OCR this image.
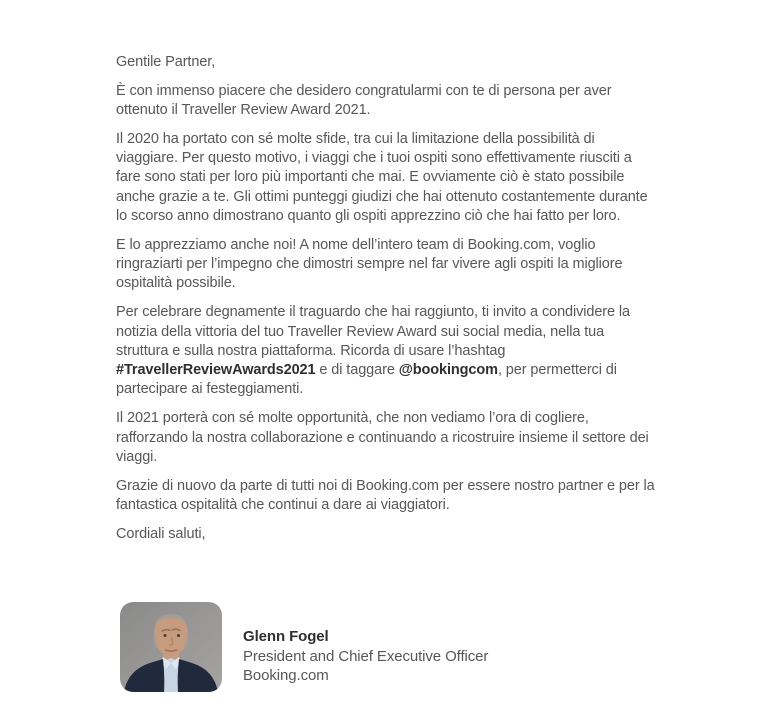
Gentile Partner,

È con immenso piacere che desidero congratularmi con te di persona per aver ottenuto il Traveller Review Award 2021.

Il 2020 ha portato con sé molte sfide, tra cui la limitazione della possibilità di viaggiare. Per questo motivo, i viaggi che i tuoi ospiti sono effettivamente riusciti a fare sono stati per loro più importanti che mai. E ovviamente ciò è stato possibile anche grazie a te. Gli ottimi punteggi giudizi che hai ottenuto costantemente durante lo scorso anno dimostrano quanto gli ospiti apprezzino ciò che hai fatto per loro.

E lo apprezziamo anche noi! A nome dell’intero team di Booking.com, voglio ringraziarti per l’impegno che dimostri sempre nel far vivere agli ospiti la migliore ospitalità possibile.

Per celebrare degnamente il traguardo che hai raggiunto, ti invito a condividere la notizia della vittoria del tuo Traveller Review Award sui social media, nella tua struttura e sulla nostra piattaforma. Ricorda di usare l’hashtag #TravellerReviewAwards2021 e di taggare @bookingcom, per permetterci di partecipare ai festeggiamenti.

Il 2021 porterà con sé molte opportunità, che non vediamo l’ora di cogliere, rafforzando la nostra collaborazione e continuando a ricostruire insieme il settore dei viaggi.

Grazie di nuovo da parte di tutti noi di Booking.com per essere nostro partner e per la fantastica ospitalità che continui a dare ai viaggiatori.

Cordiali saluti,

Glenn Fogel
President and Chief Executive Officer
Booking.com
